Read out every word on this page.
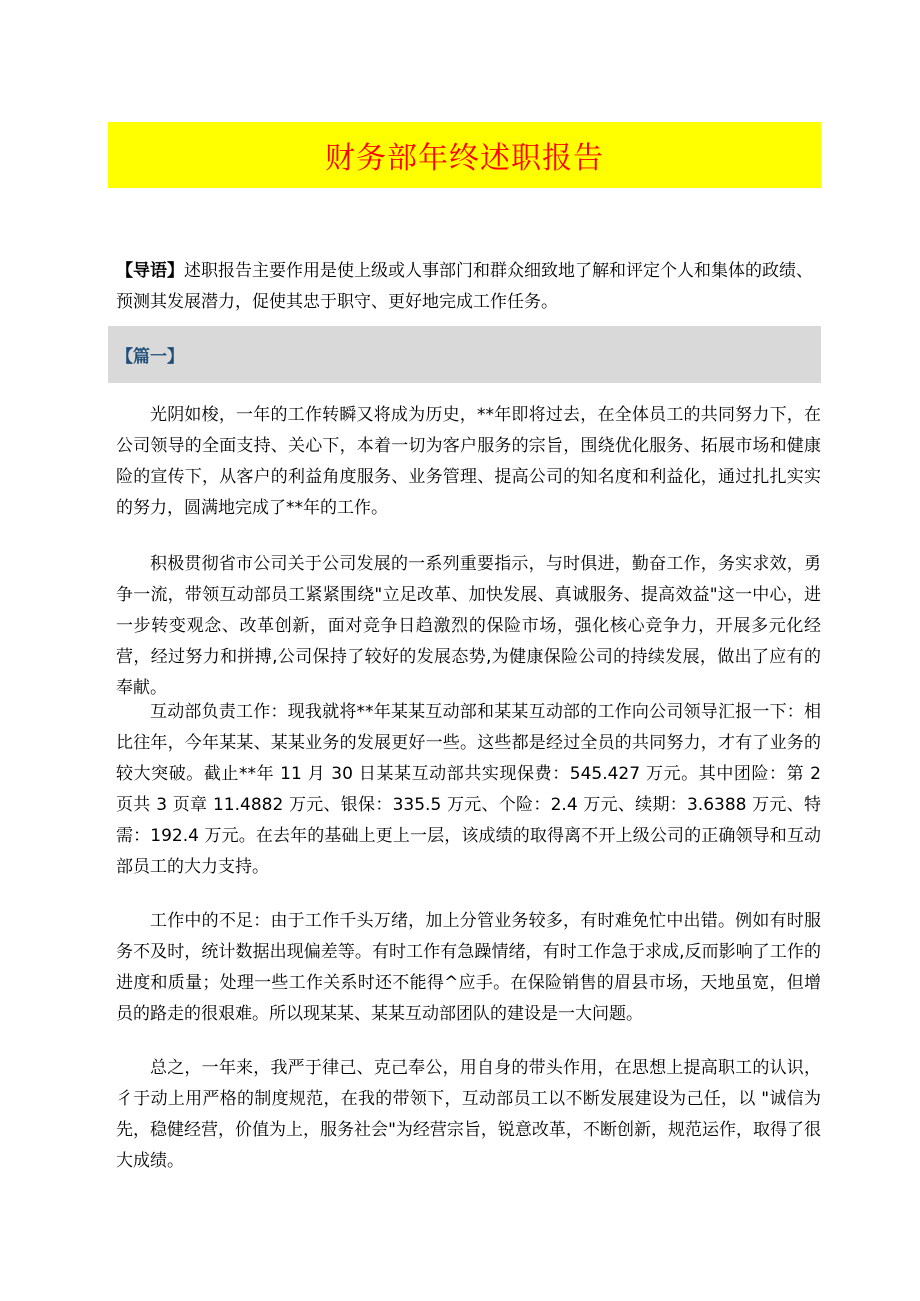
财务部年终述职报告
【导语】述职报告主要作用是使上级或人事部门和群众细致地了解和评定个人和集体的政绩、预测其发展潜力，促使其忠于职守、更好地完成工作任务。
【篇一】

光阴如梭，一年的工作转瞬又将成为历史，**年即将过去，在全体员工的共同努力下，在公司领导的全面支持、关心下，本着一切为客户服务的宗旨，围绕优化服务、拓展市场和健康险的宣传下，从客户的利益角度服务、业务管理、提高公司的知名度和利益化，通过扎扎实实的努力，圆满地完成了**年的工作。

积极贯彻省市公司关于公司发展的一系列重要指示，与时俱进，勤奋工作，务实求效，勇争一流，带领互动部员工紧紧围绕"立足改革、加快发展、真诚服务、提高效益"这一中心，进一步转变观念、改革创新，面对竞争日趋激烈的保险市场，强化核心竞争力，开展多元化经营，经过努力和拼搏,公司保持了较好的发展态势,为健康保险公司的持续发展，做出了应有的奉献。

互动部负责工作：现我就将**年某某互动部和某某互动部的工作向公司领导汇报一下：相比往年，今年某某、某某业务的发展更好一些。这些都是经过全员的共同努力，才有了业务的较大突破。截止**年 11 月 30 日某某互动部共实现保费：545.427 万元。其中团险：第 2 页共 3 页章 11.4882 万元、银保：335.5 万元、个险：2.4 万元、续期：3.6388 万元、特需：192.4 万元。在去年的基础上更上一层，该成绩的取得离不开上级公司的正确领导和互动部员工的大力支持。

工作中的不足：由于工作千头万绪，加上分管业务较多，有时难免忙中出错。例如有时服务不及时，统计数据出现偏差等。有时工作有急躁情绪，有时工作急于求成,反而影响了工作的进度和质量；处理一些工作关系时还不能得^应手。在保险销售的眉县市场，天地虽宽，但增员的路走的很艰难。所以现某某、某某互动部团队的建设是一大问题。

总之，一年来，我严于律己、克己奉公，用自身的带头作用，在思想上提高职工的认识，彳于动上用严格的制度规范，在我的带领下，互动部员工以不断发展建设为己任，以 "诚信为先，稳健经营，价值为上，服务社会"为经营宗旨，锐意改革，不断创新，规范运作，取得了很大成绩。
